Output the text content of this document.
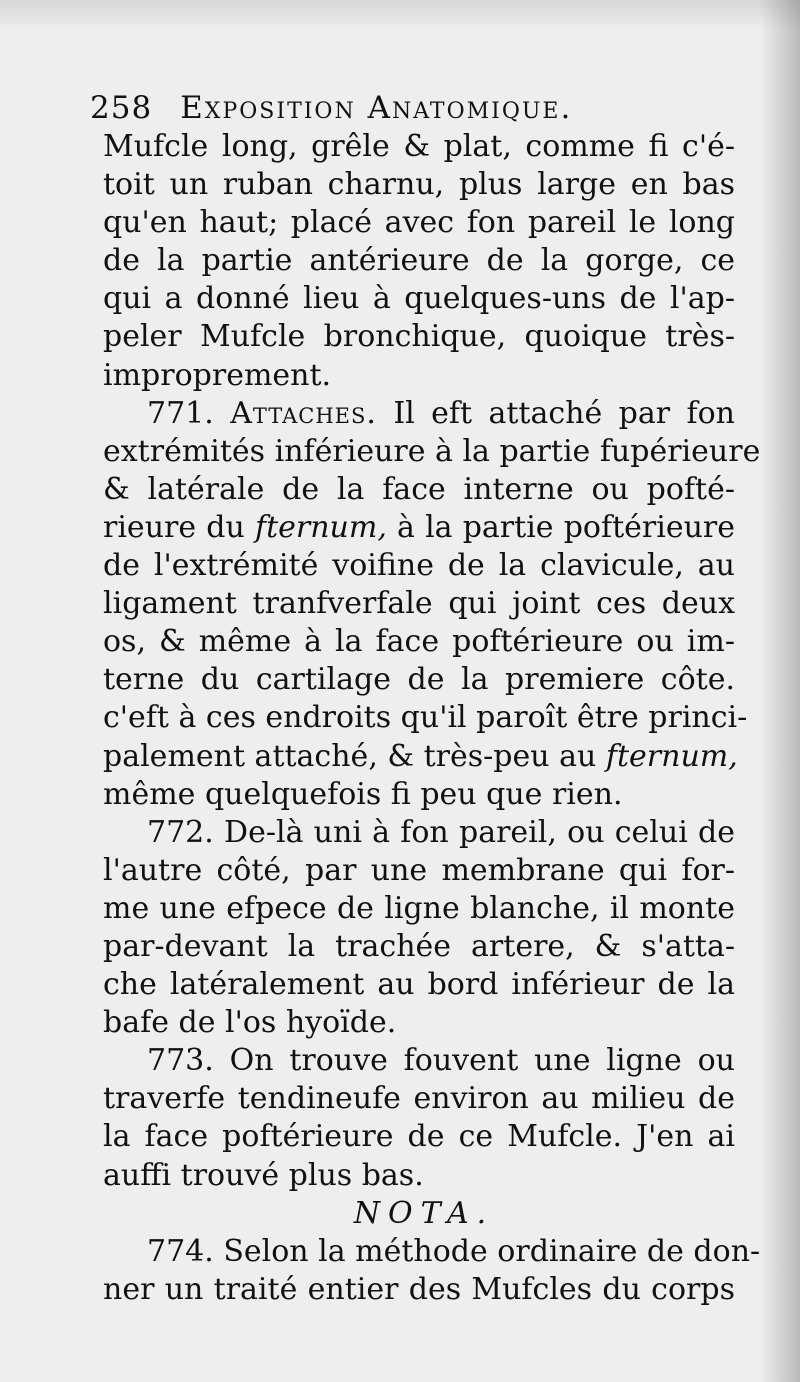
258 Exposition Anatomique.
Mufcle long, grêle & plat, comme fi c'é-
toit un ruban charnu, plus large en bas
qu'en haut; placé avec fon pareil le long
de la partie antérieure de la gorge, ce
qui a donné lieu à quelques-uns de l'ap-
peler Mufcle bronchique, quoique très-
improprement.
771. Attaches. Il eft attaché par fon
extrémités inférieure à la partie fupérieure
& latérale de la face interne ou pofté-
rieure du fternum, à la partie poftérieure
de l'extrémité voifine de la clavicule, au
ligament tranfverfale qui joint ces deux
os, & même à la face poftérieure ou im-
terne du cartilage de la premiere côte.
c'eft à ces endroits qu'il paroît être princi-
palement attaché, & très-peu au fternum,
même quelquefois fi peu que rien.
772. De-là uni à fon pareil, ou celui de
l'autre côté, par une membrane qui for-
me une efpece de ligne blanche, il monte
par-devant la trachée artere, & s'atta-
che latéralement au bord inférieur de la
bafe de l'os hyoïde.
773. On trouve fouvent une ligne ou
traverfe tendineufe environ au milieu de
la face poftérieure de ce Mufcle. J'en ai
auffi trouvé plus bas.
NOTA.
774. Selon la méthode ordinaire de don-
ner un traité entier des Mufcles du corps
